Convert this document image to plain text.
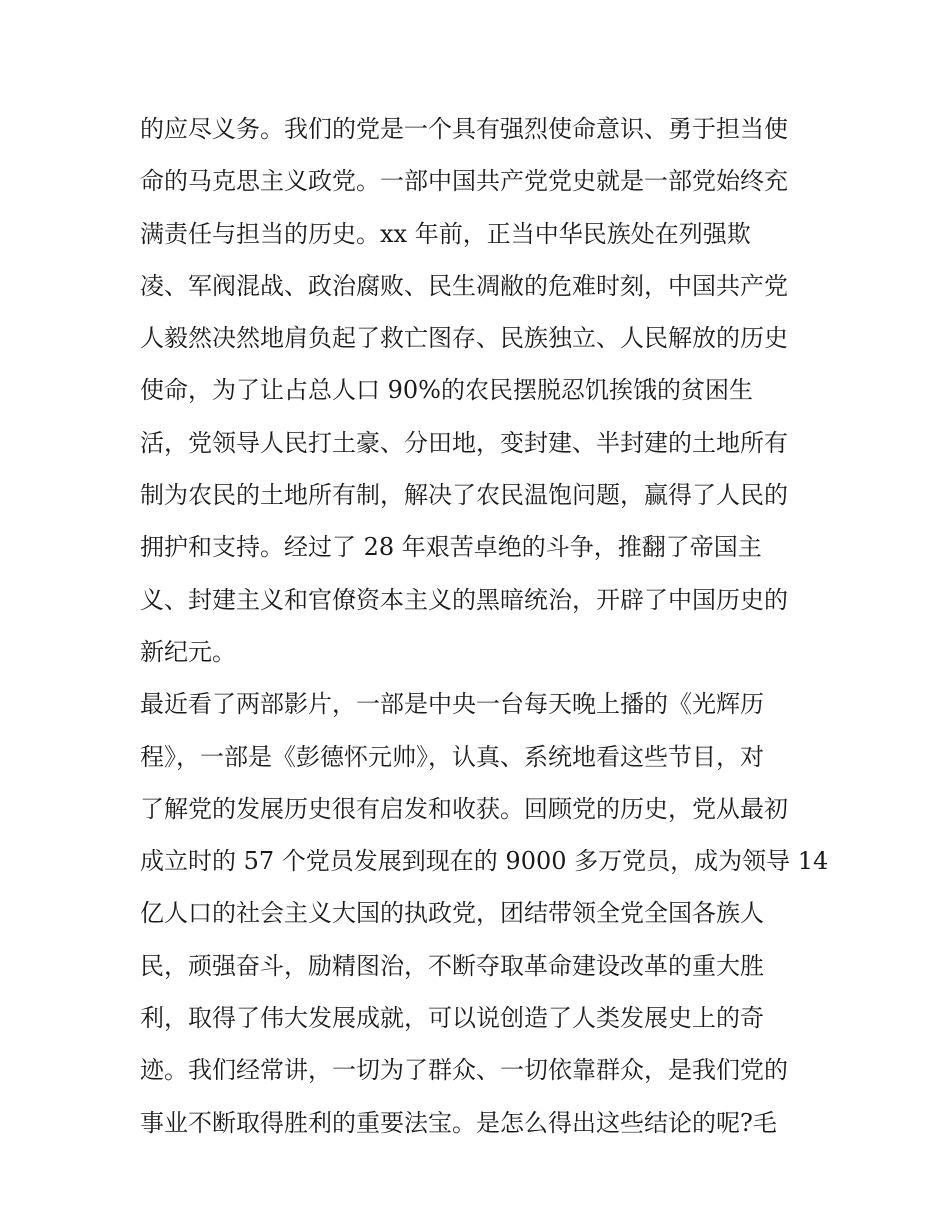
的应尽义务。我们的党是一个具有强烈使命意识、勇于担当使
命的马克思主义政党。一部中国共产党党史就是一部党始终充
满责任与担当的历史。xx 年前，正当中华民族处在列强欺
凌、军阀混战、政治腐败、民生凋敝的危难时刻，中国共产党
人毅然决然地肩负起了救亡图存、民族独立、人民解放的历史
使命，为了让占总人口 90%的农民摆脱忍饥挨饿的贫困生
活，党领导人民打土豪、分田地，变封建、半封建的土地所有
制为农民的土地所有制，解决了农民温饱问题，赢得了人民的
拥护和支持。经过了 28 年艰苦卓绝的斗争，推翻了帝国主
义、封建主义和官僚资本主义的黑暗统治，开辟了中国历史的
新纪元。
最近看了两部影片，一部是中央一台每天晚上播的《光辉历
程》，一部是《彭德怀元帅》，认真、系统地看这些节目，对
了解党的发展历史很有启发和收获。回顾党的历史，党从最初
成立时的 57 个党员发展到现在的 9000 多万党员，成为领导 14
亿人口的社会主义大国的执政党，团结带领全党全国各族人
民，顽强奋斗，励精图治，不断夺取革命建设改革的重大胜
利，取得了伟大发展成就，可以说创造了人类发展史上的奇
迹。我们经常讲，一切为了群众、一切依靠群众，是我们党的
事业不断取得胜利的重要法宝。是怎么得出这些结论的呢?毛
